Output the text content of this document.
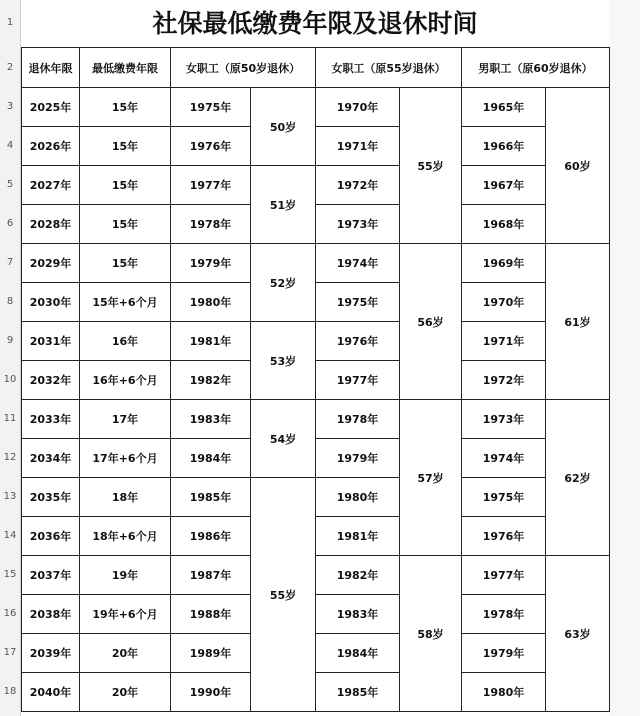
1
2
3
4
5
6
7
8
9
10
11
12
13
14
15
16
17
18
社保最低缴费年限及退休时间
退休年限	最低缴费年限	女职工（原50岁退休）		女职工（原55岁退休）		男职工（原60岁退休）	
2025年	15年	1975年	50岁	1970年	55岁	1965年	60岁
2026年	15年	1976年		1971年		1966年	
2027年	15年	1977年	51岁	1972年		1967年	
2028年	15年	1978年		1973年		1968年	
2029年	15年	1979年	52岁	1974年	56岁	1969年	61岁
2030年	15年+6个月	1980年		1975年		1970年	
2031年	16年	1981年	53岁	1976年		1971年	
2032年	16年+6个月	1982年		1977年		1972年	
2033年	17年	1983年	54岁	1978年	57岁	1973年	62岁
2034年	17年+6个月	1984年		1979年		1974年	
2035年	18年	1985年	55岁	1980年		1975年	
2036年	18年+6个月	1986年		1981年		1976年	
2037年	19年	1987年		1982年	58岁	1977年	63岁
2038年	19年+6个月	1988年		1983年		1978年	
2039年	20年	1989年		1984年		1979年	
2040年	20年	1990年		1985年		1980年	
